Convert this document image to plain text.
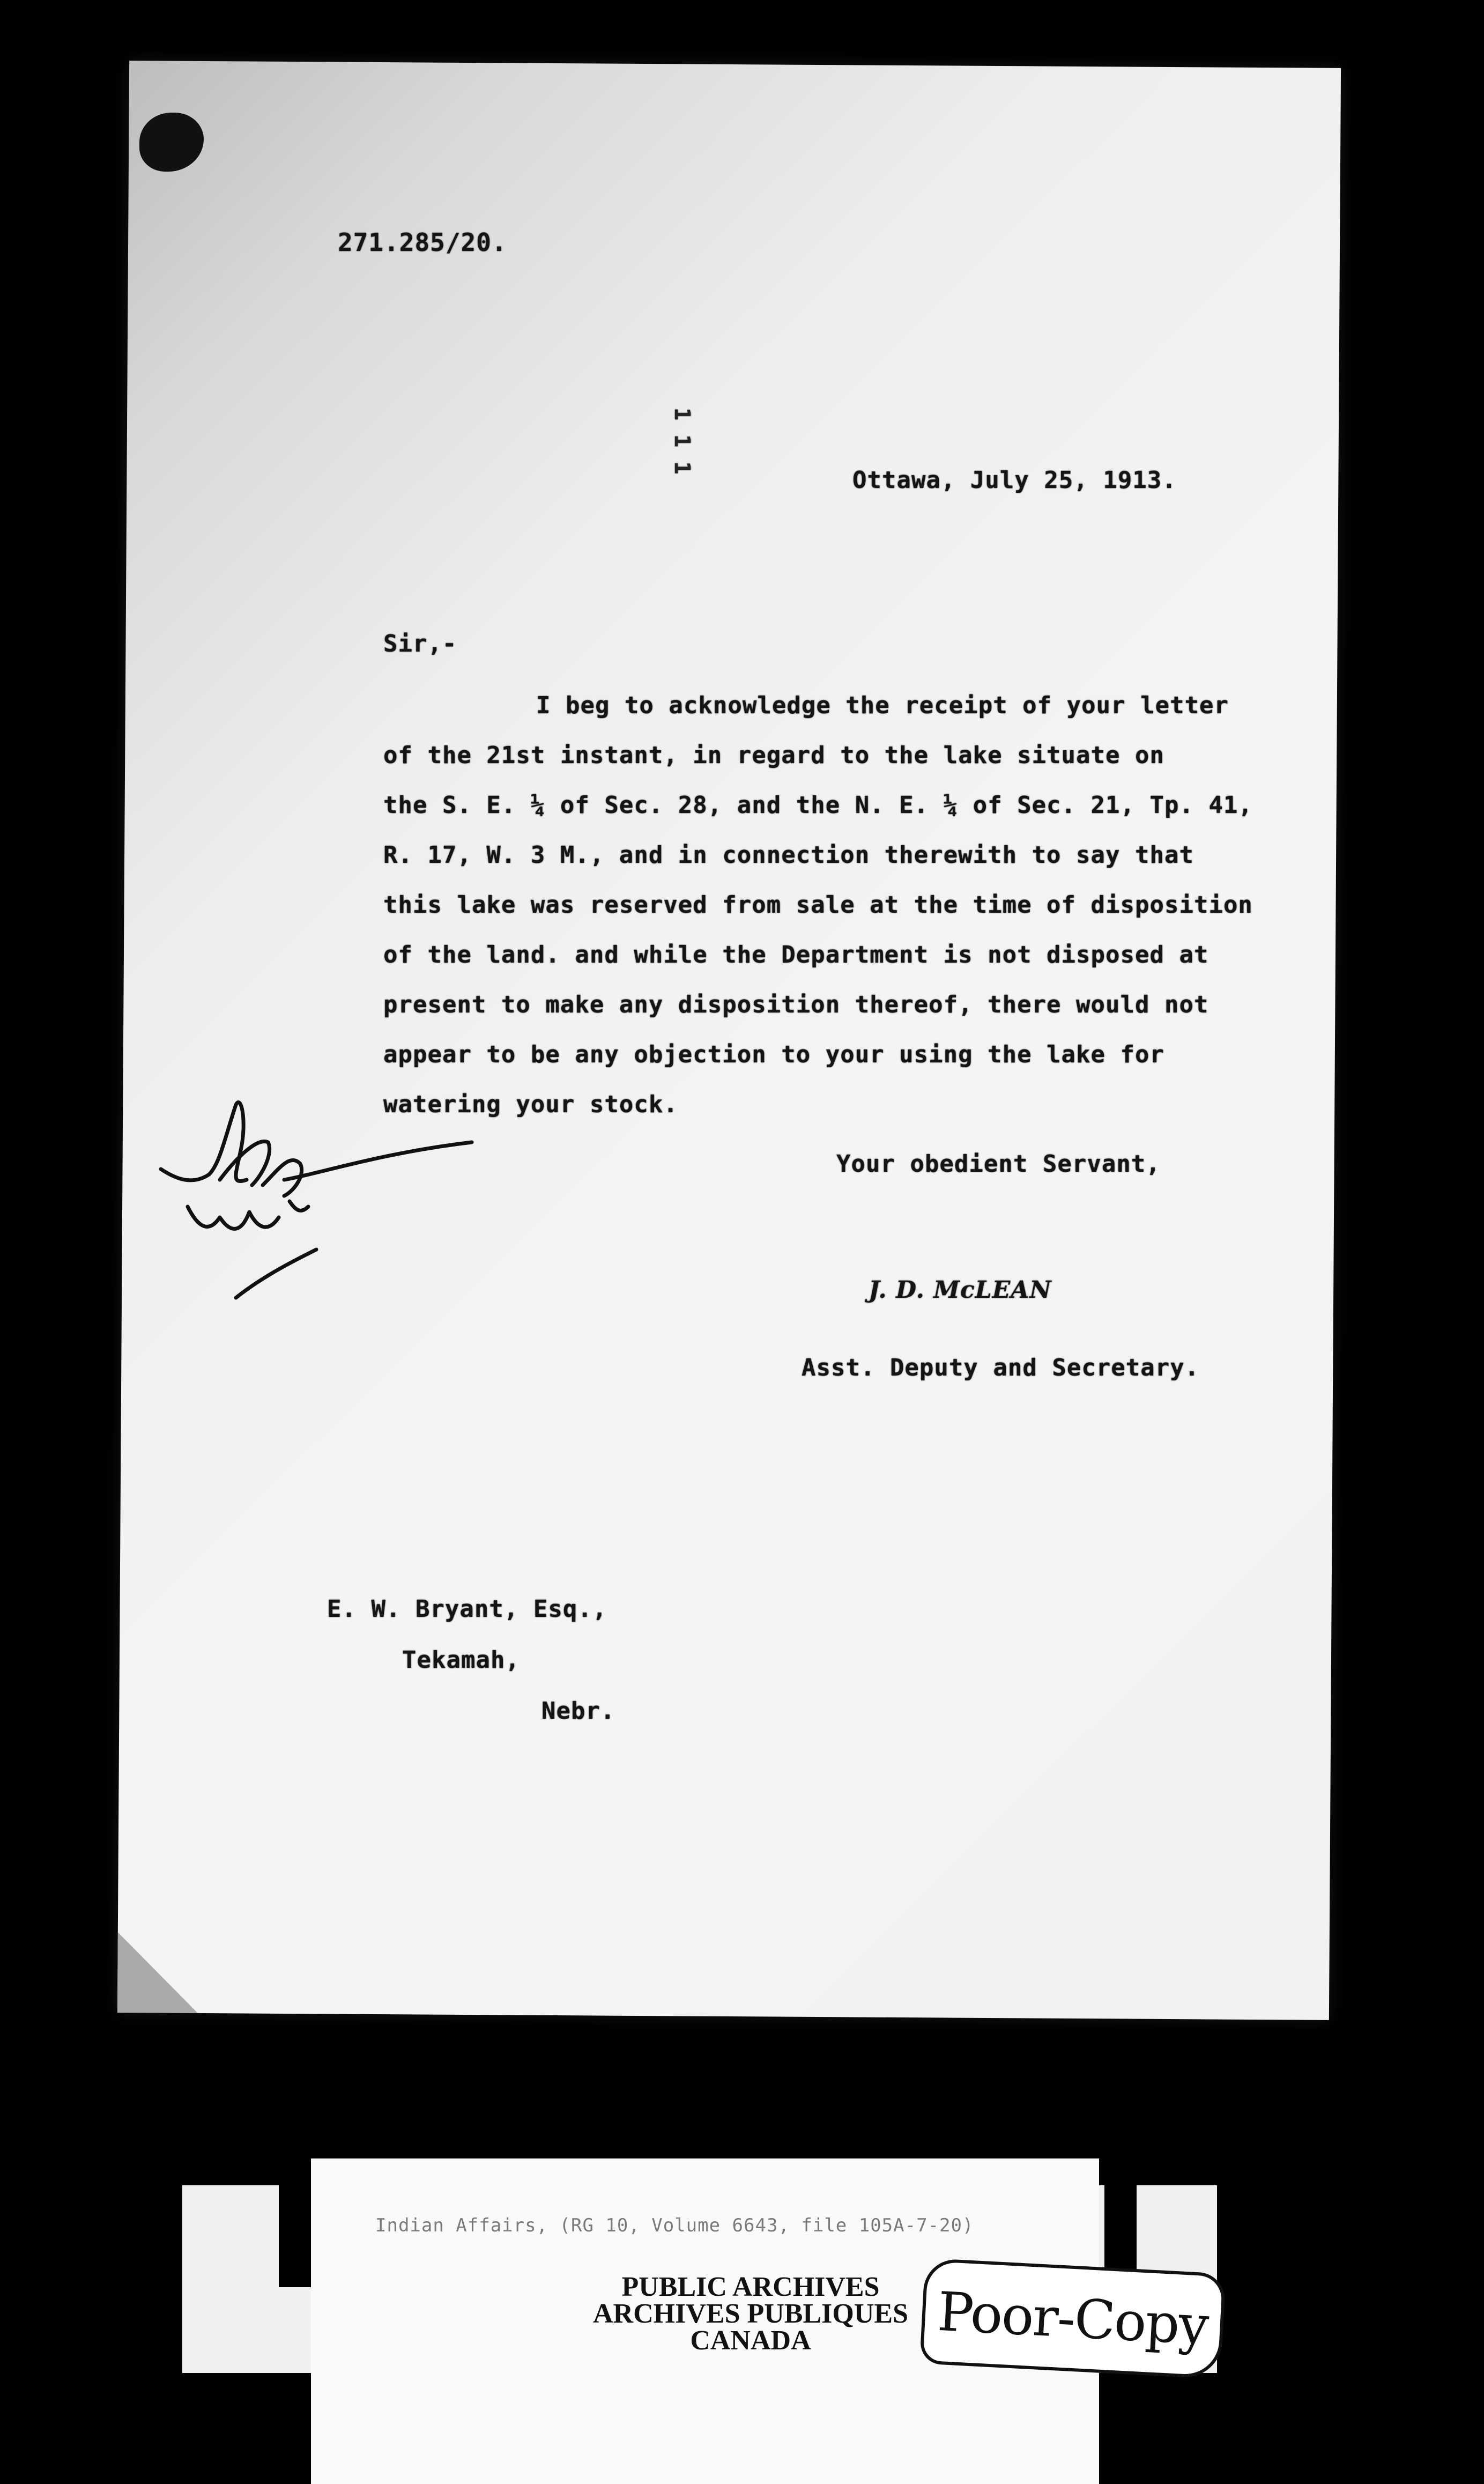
271.285/20.
1 1 1
Ottawa, July 25, 1913.
Sir,-
I beg to acknowledge the receipt of your letter
of the 21st instant, in regard to the lake situate on
the S. E. ¼ of Sec. 28, and the N. E. ¼ of Sec. 21, Tp. 41,
R. 17, W. 3 M., and in connection therewith to say that
this lake was reserved from sale at the time of disposition
of the land. and while the Department is not disposed at
present to make any disposition thereof, there would not
appear to be any objection to your using the lake for
watering your stock.
Your obedient Servant,
J. D. McLEAN
Asst. Deputy and Secretary.
E. W. Bryant, Esq.,
Tekamah,
Nebr.
Indian Affairs, (RG 10, Volume 6643, file 105A-7-20)
PUBLIC ARCHIVES
ARCHIVES PUBLIQUES
CANADA	Poor-Copy
